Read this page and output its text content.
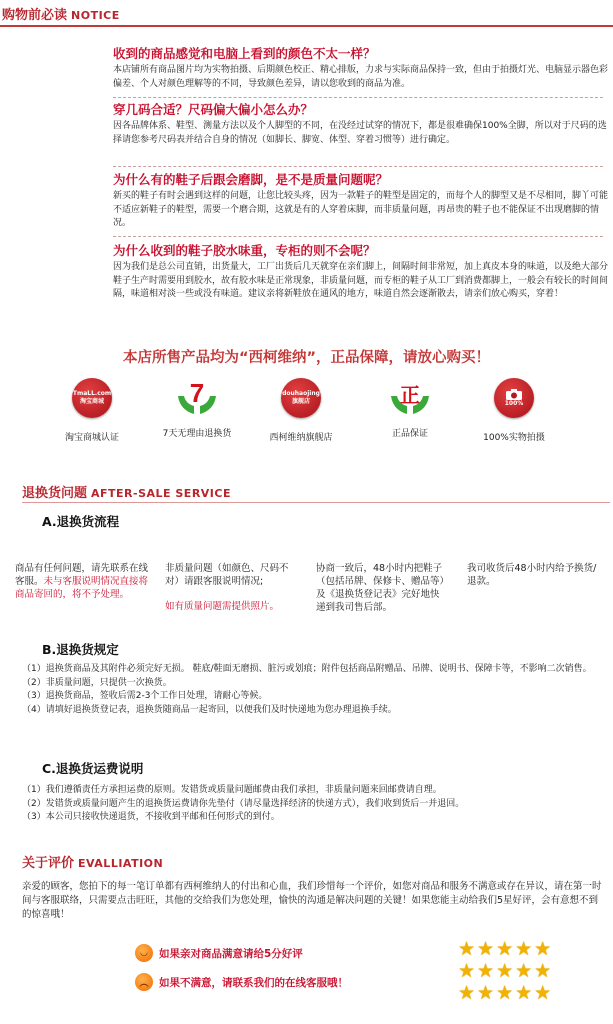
购物前必读 NOTICE
收到的商品感觉和电脑上看到的颜色不太一样？
本店铺所有商品图片均为实物拍摄、后期颜色校正、精心排版，力求与实际商品保持一致，但由于拍摄灯光、电脑显示器色彩偏差、个人对颜色理解等的不同，导致颜色差异，请以您收到的商品为准。
穿几码合适？尺码偏大偏小怎么办？
因各品牌体系、鞋型、测量方法以及个人脚型的不同，在没经过试穿的情况下，都是很难确保100%全脚，所以对于尺码的选择请您参考尺码表并结合自身的情况（如脚长、脚宽、体型、穿着习惯等）进行确定。
为什么有的鞋子后跟会磨脚，是不是质量问题呢？
新买的鞋子有时会遇到这样的问题，让您比较头疼，因为一款鞋子的鞋型是固定的，而每个人的脚型又是不尽相同，脚丫可能不适应新鞋子的鞋型，需要一个磨合期，这就是有的人穿着床脚，而非质量问题，再昂贵的鞋子也不能保证不出现磨脚的情况。
为什么收到的鞋子胶水味重，专柜的则不会呢？
因为我们是总公司直销，出货量大，工厂出货后几天就穿在亲们脚上，间隔时间非常短，加上真皮本身的味道，以及绝大部分鞋子生产时需要用到胶水，故有胶水味是正常现象，非质量问题，而专柜的鞋子从工厂到消费都脚上，一般会有较长的时间间隔，味道相对淡一些或没有味道。建议亲将新鞋放在通风的地方，味道自然会逐渐散去，请亲们放心购买，穿着！
本店所售产品均为“西柯维纳”，正品保障，请放心购买！
TmaLL.com
淘宝商城
淘宝商城认证
7
7天无理由退换货
douhaojing
旗舰店
西柯维纳旗舰店
正
正品保证
100%
100%实物拍摄
退换货问题 AFTER-SALE SERVICE
A.退换货流程
商品有任何问题，请先联系在线客服。未与客服说明情况直接将商品寄回的，将不予处理。
非质量问题（如颜色、尺码不对）请跟客服说明情况;
如有质量问题需提供照片。
协商一致后，48小时内把鞋子（包括吊牌、保修卡、赠品等）及《退换货登记表》完好地快递到我司售后部。
我司收货后48小时内给予换货/退款。
B.退换货规定
（1）退换货商品及其附件必须完好无损。 鞋底/鞋面无磨损、脏污或划痕；附件包括商品附赠品、吊牌、说明书、保障卡等，不影响二次销售。
（2）非质量问题，只提供一次换货。
（3）退换货商品，签收后需2-3个工作日处理，请耐心等候。
（4）请填好退换货登记表，退换货随商品一起寄回，以便我们及时快递地为您办理退换手续。
C.退换货运费说明
（1）我们遵循责任方承担运费的原则。发错货或质量问题邮费由我们承担，非质量问题来回邮费请自理。
（2）发错货或质量问题产生的退换货运费请你先垫付（请尽量选择经济的快递方式），我们收到货后一并退回。
（3）本公司只接收快递退货，不接收到平邮和任何形式的到付。
关于评价 EVALLIATION
亲爱的顾客，您拍下的每一笔订单都有西柯维纳人的付出和心血，我们珍惜每一个评价，如您对商品和服务不满意或存在异议，请在第一时间与客服联络，只需要点击旺旺，其他的交给我们为您处理，愉快的沟通是解决问题的关键！如果您能主动给我们5星好评，会有意想不到的惊喜哦！
◡	如果亲对商品满意请给5分好评
︵	如果不满意，请联系我们的在线客服哦！
★★★★★
★★★★★
★★★★★
